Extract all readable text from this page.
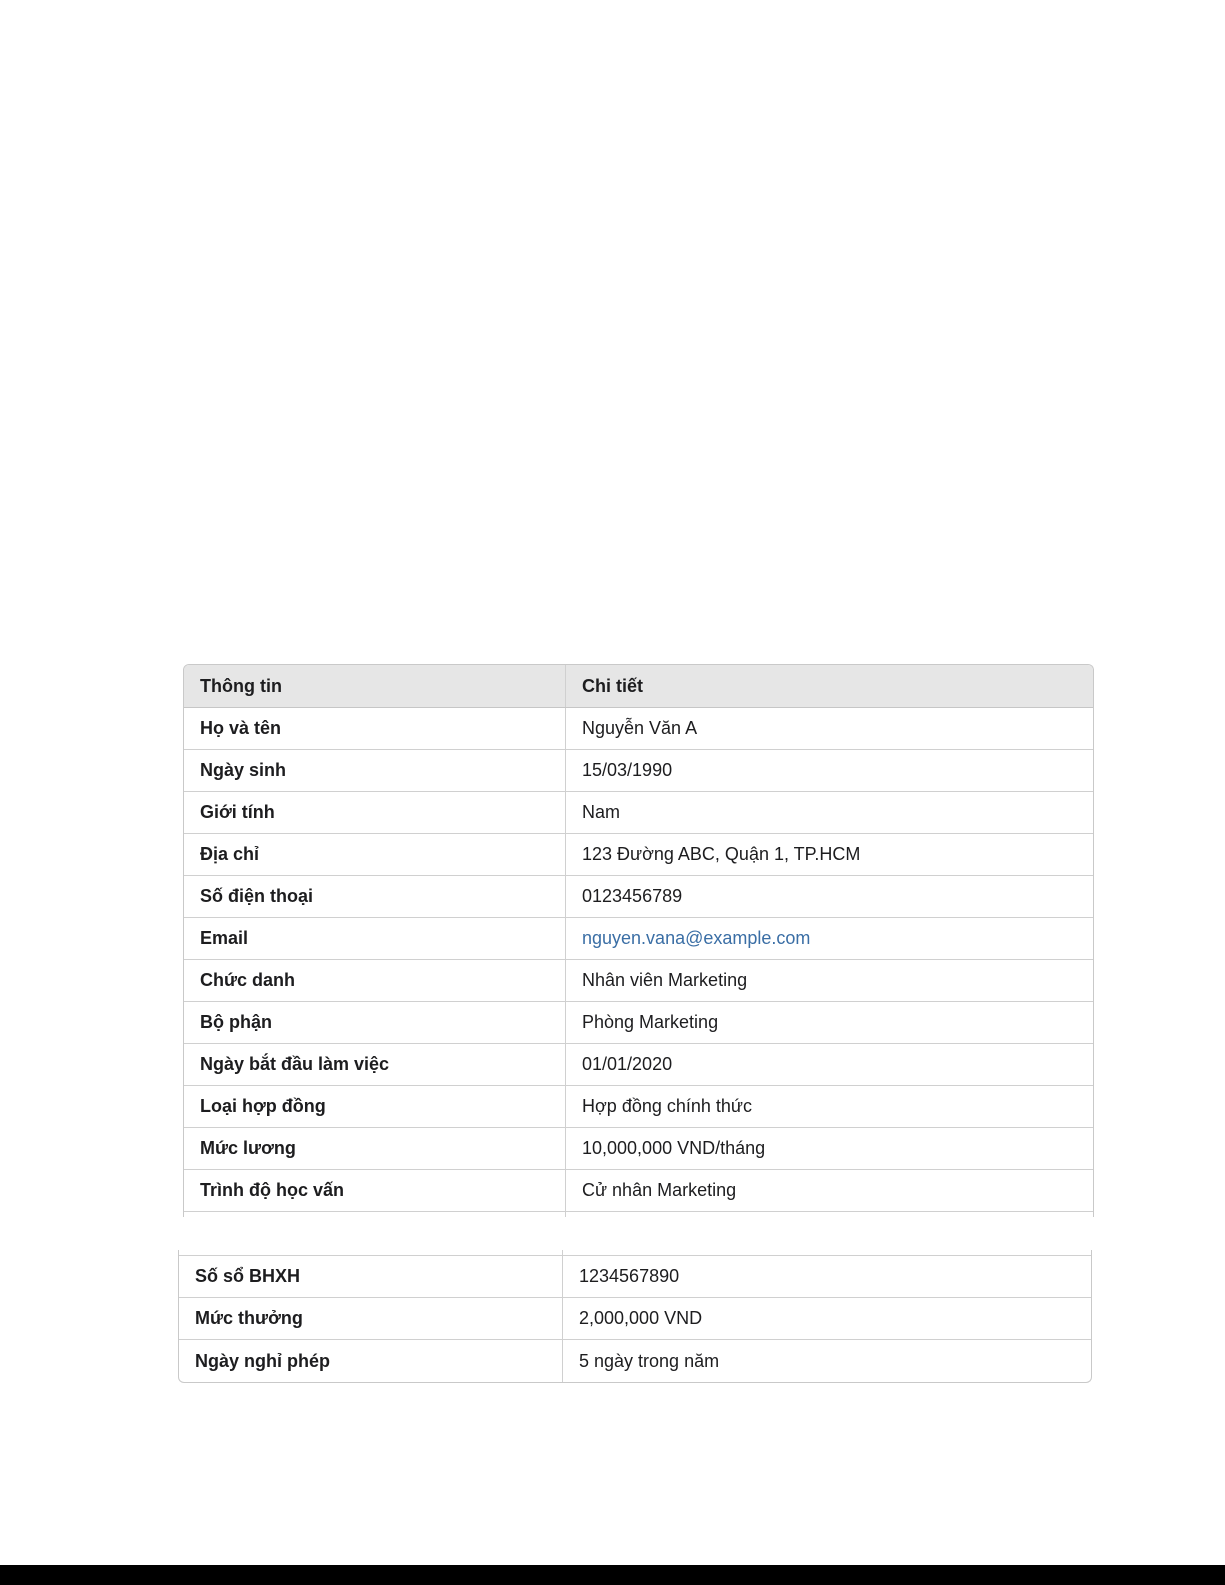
Thông tin	Chi tiết
Họ và tên	Nguyễn Văn A
Ngày sinh	15/03/1990
Giới tính	Nam
Địa chỉ	123 Đường ABC, Quận 1, TP.HCM
Số điện thoại	0123456789
Email	nguyen.vana@example.com
Chức danh	Nhân viên Marketing
Bộ phận	Phòng Marketing
Ngày bắt đầu làm việc	01/01/2020
Loại hợp đồng	Hợp đồng chính thức
Mức lương	10,000,000 VND/tháng
Trình độ học vấn	Cử nhân Marketing
Số sổ BHXH	1234567890
Mức thưởng	2,000,000 VND
Ngày nghỉ phép	5 ngày trong năm
